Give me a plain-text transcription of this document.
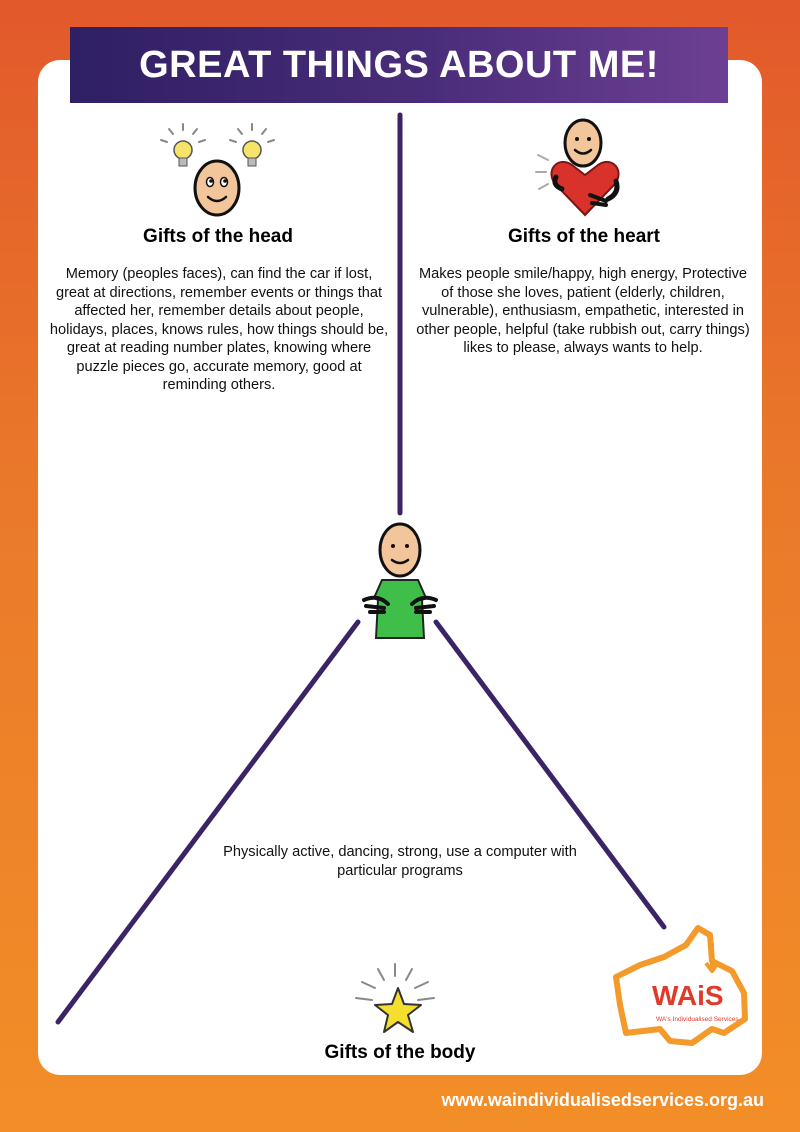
GREAT THINGS ABOUT ME!
Gifts of the head	Gifts of the heart
Memory (peoples faces), can find the car if lost, great at directions, remember events or things that affected her, remember details about people, holidays, places, knows rules, how things should be, great at reading number plates, knowing where puzzle pieces go, accurate memory, good at reminding others.
Makes people smile/happy, high energy, Protective of those she loves, patient (elderly, children, vulnerable), enthusiasm, empathetic, interested in other people, helpful (take rubbish out, carry things) likes to please, always wants to help.
Physically active, dancing, strong, use a computer with particular programs
Gifts of the body
WAiS
WA's Individualised Services
www.waindividualisedservices.org.au
